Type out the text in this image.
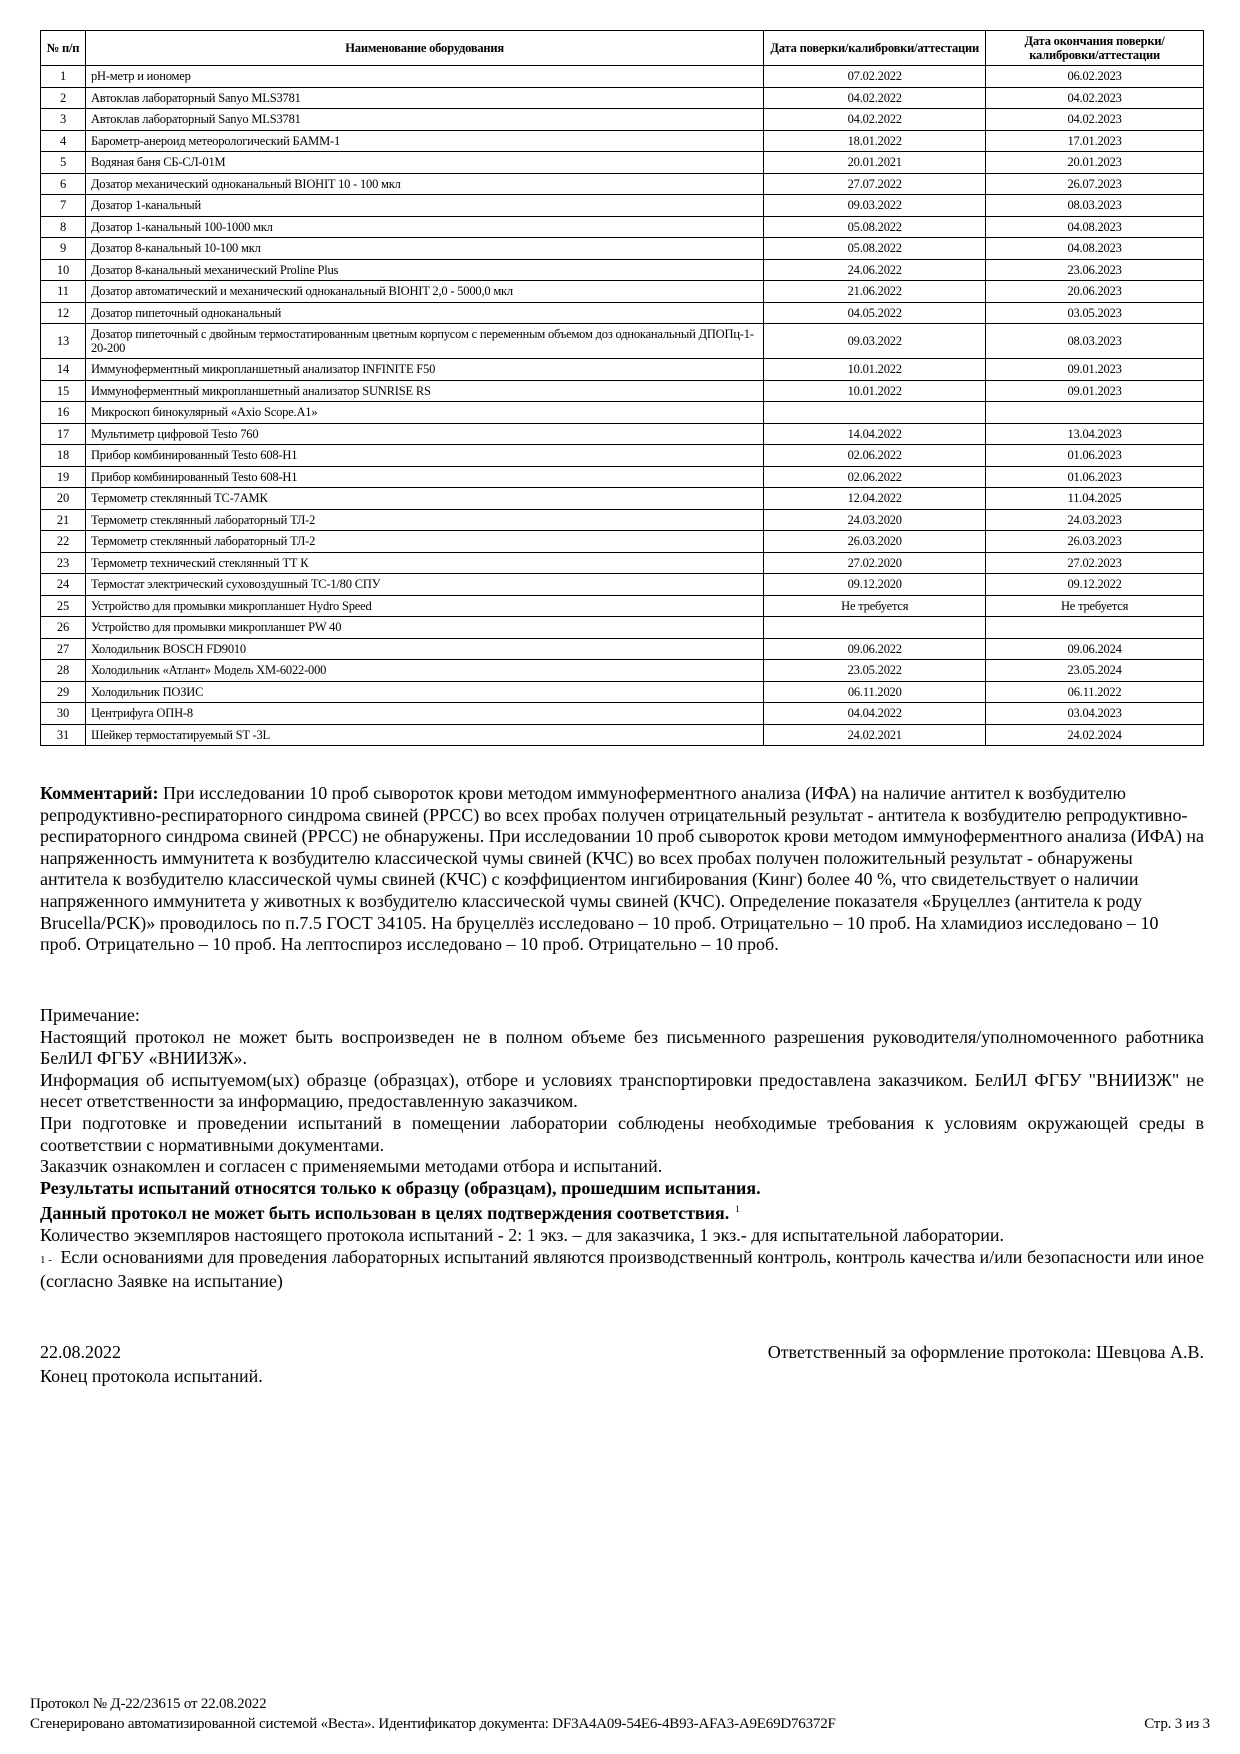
№ п/п	Наименование оборудования	Дата поверки/калибровки/аттестации	Дата окончания поверки/калибровки/аттестации
1	pH-метр и иономер	07.02.2022	06.02.2023
2	Автоклав лабораторный Sanyo MLS3781	04.02.2022	04.02.2023
3	Автоклав лабораторный Sanyo MLS3781	04.02.2022	04.02.2023
4	Барометр-анероид метеорологический БАММ-1	18.01.2022	17.01.2023
5	Водяная баня СБ-СЛ-01М	20.01.2021	20.01.2023
6	Дозатор механический одноканальный BIOHIT 10 - 100 мкл	27.07.2022	26.07.2023
7	Дозатор 1-канальный	09.03.2022	08.03.2023
8	Дозатор 1-канальный 100-1000 мкл	05.08.2022	04.08.2023
9	Дозатор 8-канальный 10-100 мкл	05.08.2022	04.08.2023
10	Дозатор 8-канальный механический Proline Plus	24.06.2022	23.06.2023
11	Дозатор автоматический и механический одноканальный BIOHIT 2,0 - 5000,0 мкл	21.06.2022	20.06.2023
12	Дозатор пипеточный одноканальный	04.05.2022	03.05.2023
13	Дозатор пипеточный с двойным термостатированным цветным корпусом с переменным объемом доз одноканальный ДПОПц-1-20-200	09.03.2022	08.03.2023
14	Иммуноферментный микропланшетный анализатор INFINITE F50	10.01.2022	09.01.2023
15	Иммуноферментный микропланшетный анализатор SUNRISE RS	10.01.2022	09.01.2023
16	Микроскоп бинокулярный «Axio Scope.A1»		
17	Мультиметр цифровой Testo 760	14.04.2022	13.04.2023
18	Прибор комбинированный Testo 608-H1	02.06.2022	01.06.2023
19	Прибор комбинированный Testo 608-H1	02.06.2022	01.06.2023
20	Термометр стеклянный ТС-7АМК	12.04.2022	11.04.2025
21	Термометр стеклянный лабораторный ТЛ-2	24.03.2020	24.03.2023
22	Термометр стеклянный лабораторный ТЛ-2	26.03.2020	26.03.2023
23	Термометр технический стеклянный ТТ К	27.02.2020	27.02.2023
24	Термостат электрический суховоздушный ТС-1/80 СПУ	09.12.2020	09.12.2022
25	Устройство для промывки микропланшет Hydro Speed	Не требуется	Не требуется
26	Устройство для промывки микропланшет PW 40		
27	Холодильник BOSCH FD9010	09.06.2022	09.06.2024
28	Холодильник «Атлант» Модель ХМ-6022-000	23.05.2022	23.05.2024
29	Холодильник ПОЗИС	06.11.2020	06.11.2022
30	Центрифуга ОПН-8	04.04.2022	03.04.2023
31	Шейкер термостатируемый ST -3L	24.02.2021	24.02.2024
Комментарий: При исследовании 10 проб сывороток крови методом иммуноферментного анализа (ИФА) на наличие антител к возбудителю репродуктивно-респираторного синдрома свиней (РРСС) во всех пробах получен отрицательный результат - антитела к возбудителю репродуктивно-респираторного синдрома свиней (РРСС) не обнаружены. При исследовании 10 проб сывороток крови методом иммуноферментного анализа (ИФА) на напряженность иммунитета к возбудителю классической чумы свиней (КЧС) во всех пробах получен положительный результат - обнаружены антитела к возбудителю классической чумы свиней (КЧС) с коэффициентом ингибирования (Кинг) более 40 %, что свидетельствует о наличии напряженного иммунитета у животных к возбудителю классической чумы свиней (КЧС). Определение показателя «Бруцеллез (антитела к роду Brucella/РСК)» проводилось по п.7.5 ГОСТ 34105. На бруцеллёз исследовано – 10 проб. Отрицательно – 10 проб. На хламидиоз исследовано – 10 проб. Отрицательно – 10 проб. На лептоспироз исследовано – 10 проб. Отрицательно – 10 проб.

Примечание:

Настоящий протокол не может быть воспроизведен не в полном объеме без письменного разрешения руководителя/уполномоченного работника БелИЛ ФГБУ «ВНИИЗЖ».

Информация об испытуемом(ых) образце (образцах), отборе и условиях транспортировки предоставлена заказчиком. БелИЛ ФГБУ "ВНИИЗЖ" не несет ответственности за информацию, предоставленную заказчиком.

При подготовке и проведении испытаний в помещении лаборатории соблюдены необходимые требования к условиям окружающей среды в соответствии с нормативными документами.

Заказчик ознакомлен и согласен с применяемыми методами отбора и испытаний.

Результаты испытаний относятся только к образцу (образцам), прошедшим испытания.

Данный протокол не может быть использован в целях подтверждения соответствия. $^1$

Количество экземпляров настоящего протокола испытаний - 2: 1 экз. – для заказчика, 1 экз.- для испытательной лаборатории.

1 - Если основаниями для проведения лабораторных испытаний являются производственный контроль, контроль качества и/или безопасности или иное (согласно Заявке на испытание)

22.08.2022	Ответственный за оформление протокола: Шевцова А.В.
Конец протокола испытаний.
Протокол № Д-22/23615 от 22.08.2022
Сгенерировано автоматизированной системой «Веста». Идентификатор документа: DF3A4A09-54E6-4B93-AFA3-A9E69D76372F	Стр. 3 из 3
